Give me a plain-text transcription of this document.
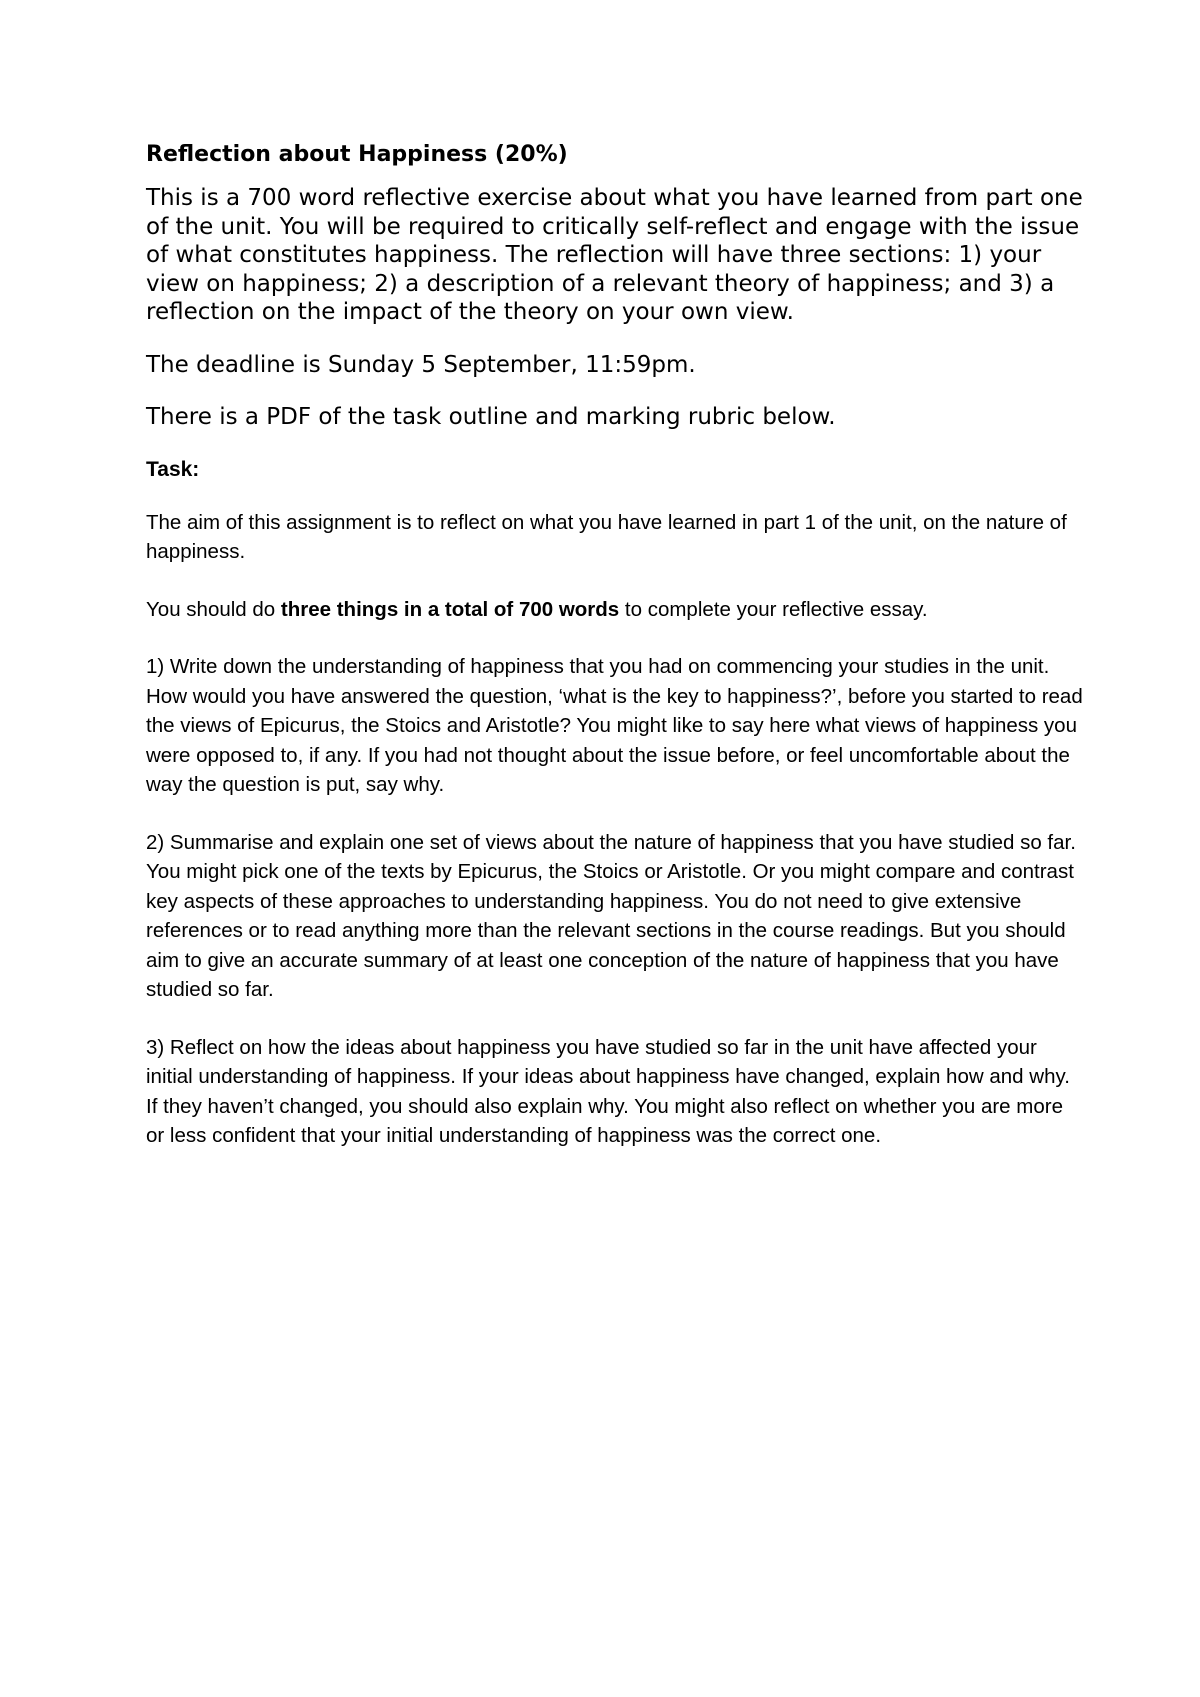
Reflection about Happiness (20%)

This is a 700 word reflective exercise about what you have learned from part one of the unit. You will be required to critically self-reflect and engage with the issue of what constitutes happiness. The reflection will have three sections: 1) your view on happiness; 2) a description of a relevant theory of happiness; and 3) a reflection on the impact of the theory on your own view.

The deadline is Sunday 5 September, 11:59pm.

There is a PDF of the task outline and marking rubric below.

Task:

The aim of this assignment is to reflect on what you have learned in part 1 of the unit, on the nature of happiness.

You should do three things in a total of 700 words to complete your reflective essay.

1) Write down the understanding of happiness that you had on commencing your studies in the unit. How would you have answered the question, ‘what is the key to happiness?’, before you started to read the views of Epicurus, the Stoics and Aristotle? You might like to say here what views of happiness you were opposed to, if any. If you had not thought about the issue before, or feel uncomfortable about the way the question is put, say why.

2) Summarise and explain one set of views about the nature of happiness that you have studied so far. You might pick one of the texts by Epicurus, the Stoics or Aristotle. Or you might compare and contrast key aspects of these approaches to understanding happiness. You do not need to give extensive references or to read anything more than the relevant sections in the course readings. But you should aim to give an accurate summary of at least one conception of the nature of happiness that you have studied so far.

3) Reflect on how the ideas about happiness you have studied so far in the unit have affected your initial understanding of happiness. If your ideas about happiness have changed, explain how and why. If they haven’t changed, you should also explain why. You might also reflect on whether you are more or less confident that your initial understanding of happiness was the correct one.
